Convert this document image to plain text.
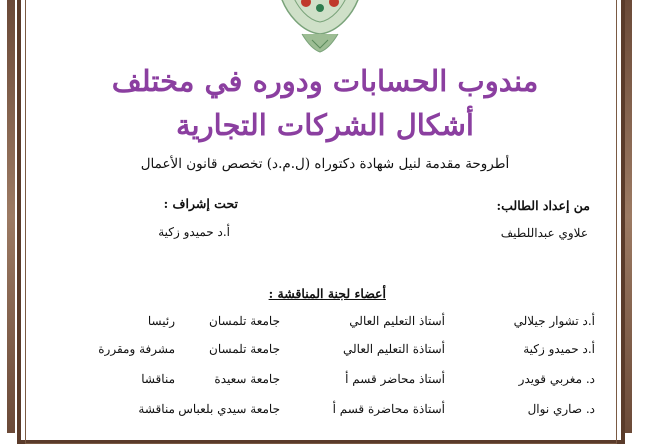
مندوب الحسابات ودوره في مختلف
أشكال الشركات التجارية
أطروحة مقدمة لنيل شهادة دكتوراه (ل.م.د) تخصص قانون الأعمال
من إعداد الطالب:
علاوي عبداللطيف
تحت إشراف :
أ.د حميدو زكية
أعضاء لجنة المناقشة :
أ.د تشوار جيلالي
أستاذ التعليم العالي
جامعة تلمسان
رئيسا
أ.د حميدو زكية
أستاذة التعليم العالي
جامعة تلمسان
مشرفة ومقررة
د. مغربي قويدر
أستاذ محاضر قسم أ
جامعة سعيدة
مناقشا
د. صاري نوال
أستاذة محاضرة قسم أ
جامعة سيدي بلعباس
مناقشة
